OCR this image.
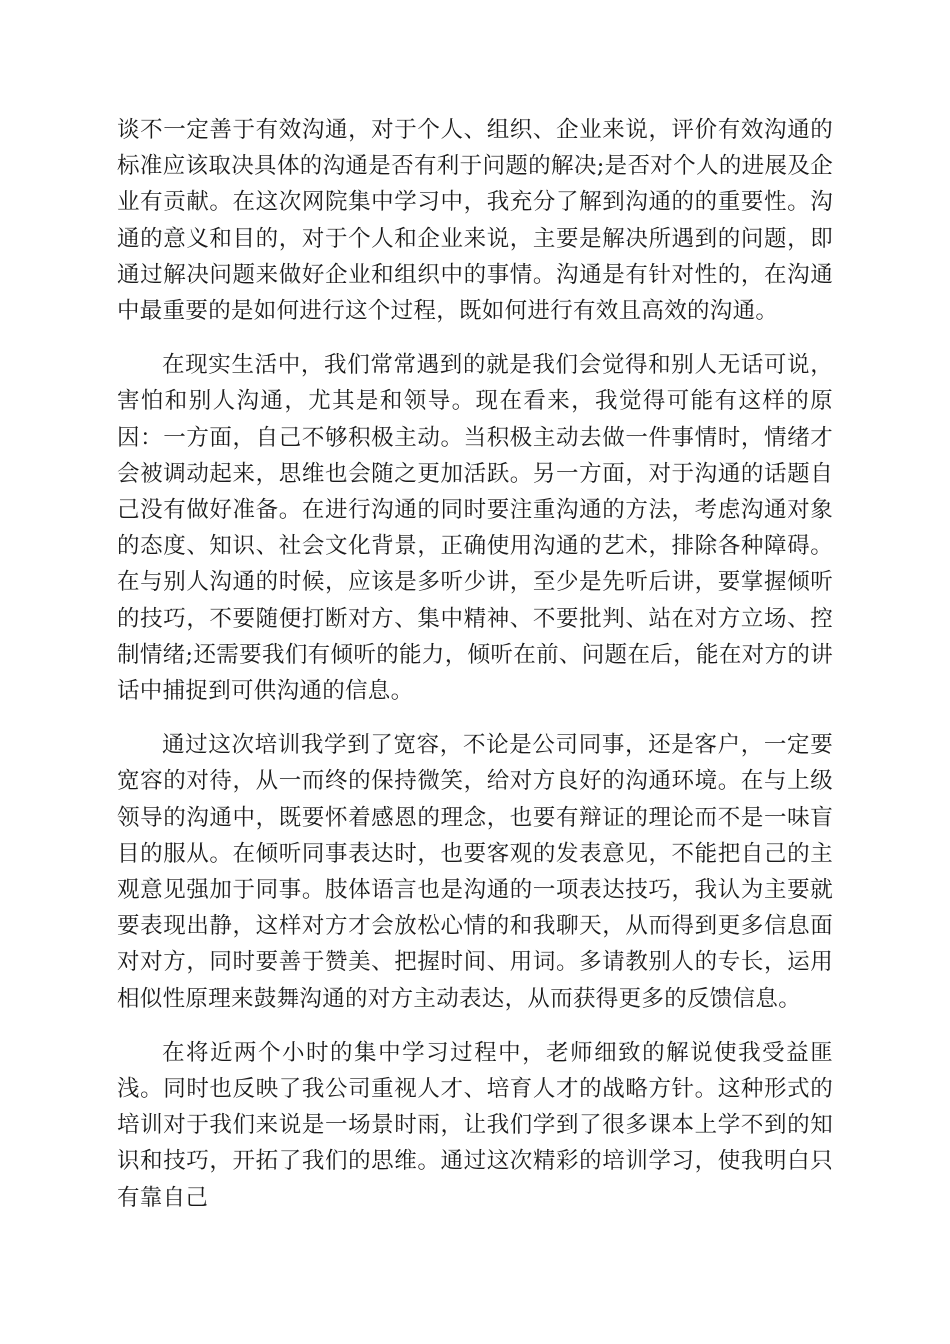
谈不一定善于有效沟通，对于个人、组织、企业来说，评价有效沟通的标准应该取决具体的沟通是否有利于问题的解决;是否对个人的进展及企业有贡献。在这次网院集中学习中，我充分了解到沟通的的重要性。沟通的意义和目的，对于个人和企业来说，主要是解决所遇到的问题，即通过解决问题来做好企业和组织中的事情。沟通是有针对性的，在沟通中最重要的是如何进行这个过程，既如何进行有效且高效的沟通。

在现实生活中，我们常常遇到的就是我们会觉得和别人无话可说，害怕和别人沟通，尤其是和领导。现在看来，我觉得可能有这样的原因：一方面，自己不够积极主动。当积极主动去做一件事情时，情绪才会被调动起来，思维也会随之更加活跃。另一方面，对于沟通的话题自己没有做好准备。在进行沟通的同时要注重沟通的方法，考虑沟通对象的态度、知识、社会文化背景，正确使用沟通的艺术，排除各种障碍。在与别人沟通的时候，应该是多听少讲，至少是先听后讲，要掌握倾听的技巧，不要随便打断对方、集中精神、不要批判、站在对方立场、控制情绪;还需要我们有倾听的能力，倾听在前、问题在后，能在对方的讲话中捕捉到可供沟通的信息。

通过这次培训我学到了宽容，不论是公司同事，还是客户，一定要宽容的对待，从一而终的保持微笑，给对方良好的沟通环境。在与上级领导的沟通中，既要怀着感恩的理念，也要有辩证的理论而不是一味盲目的服从。在倾听同事表达时，也要客观的发表意见，不能把自己的主观意见强加于同事。肢体语言也是沟通的一项表达技巧，我认为主要就要表现出静，这样对方才会放松心情的和我聊天，从而得到更多信息面对对方，同时要善于赞美、把握时间、用词。多请教别人的专长，运用相似性原理来鼓舞沟通的对方主动表达，从而获得更多的反馈信息。

在将近两个小时的集中学习过程中，老师细致的解说使我受益匪浅。同时也反映了我公司重视人才、培育人才的战略方针。这种形式的培训对于我们来说是一场景时雨，让我们学到了很多课本上学不到的知识和技巧，开拓了我们的思维。通过这次精彩的培训学习，使我明白只有靠自己
